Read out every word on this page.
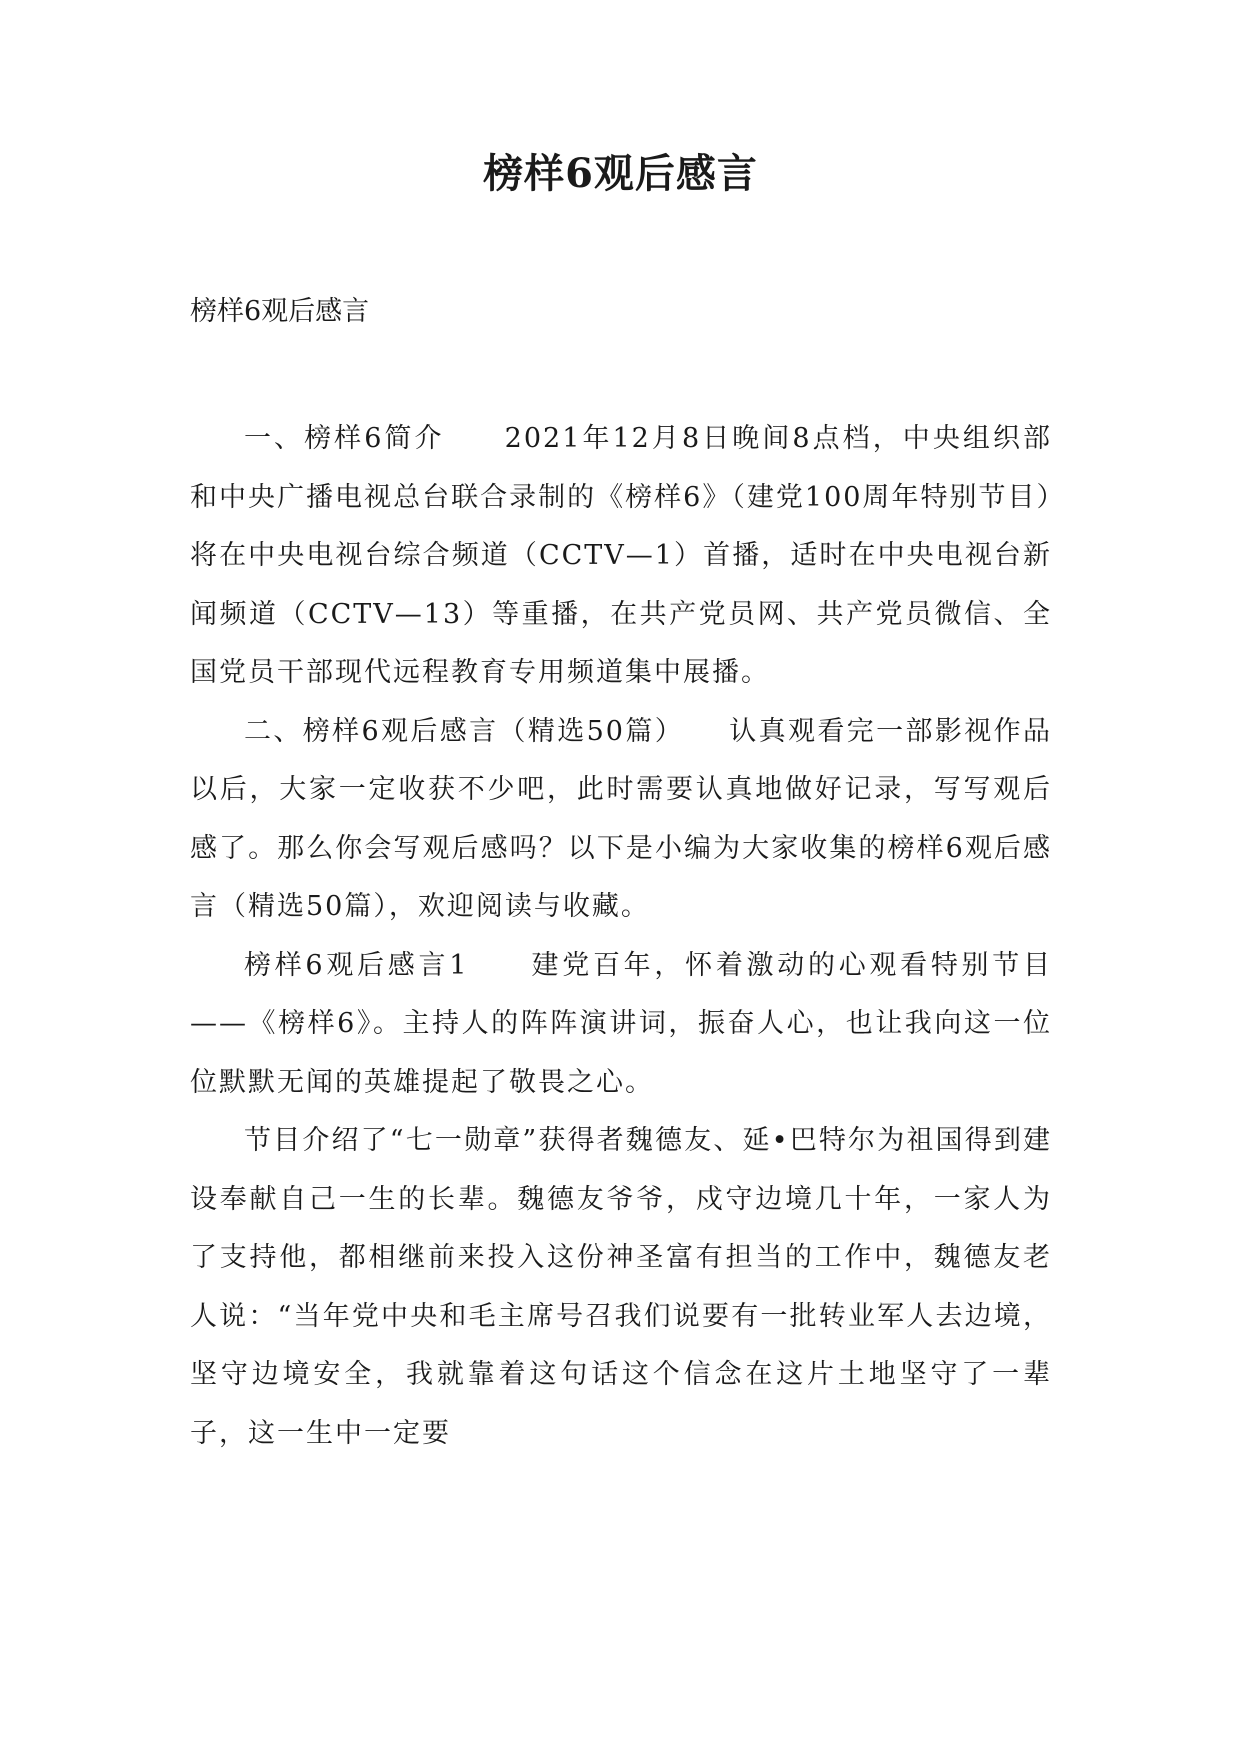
榜样6观后感言

榜样6观后感言

一、榜样6简介　　2021年12月8日晚间8点档，中央组织部和中央广播电视总台联合录制的《榜样6》（建党100周年特别节目）将在中央电视台综合频道（CCTV—1）首播，适时在中央电视台新闻频道（CCTV—13）等重播，在共产党员网、共产党员微信、全国党员干部现代远程教育专用频道集中展播。

二、榜样6观后感言（精选50篇）　　认真观看完一部影视作品以后，大家一定收获不少吧，此时需要认真地做好记录，写写观后感了。那么你会写观后感吗？以下是小编为大家收集的榜样6观后感言（精选50篇），欢迎阅读与收藏。

榜样6观后感言1　　建党百年，怀着激动的心观看特别节目——《榜样6》。主持人的阵阵演讲词，振奋人心，也让我向这一位位默默无闻的英雄提起了敬畏之心。

节目介绍了“七一勋章”获得者魏德友、延•巴特尔为祖国得到建设奉献自己一生的长辈。魏德友爷爷，戍守边境几十年，一家人为了支持他，都相继前来投入这份神圣富有担当的工作中，魏德友老人说：“当年党中央和毛主席号召我们说要有一批转业军人去边境，坚守边境安全，我就靠着这句话这个信念在这片土地坚守了一辈子，这一生中一定要
